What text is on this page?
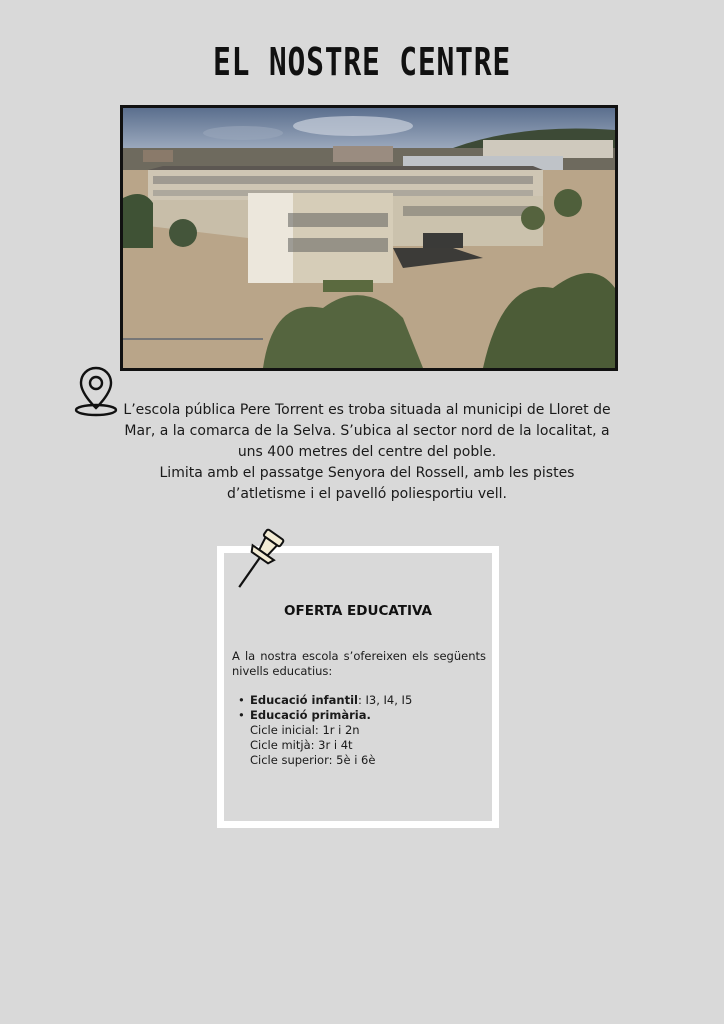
EL NOSTRE CENTRE

L’escola pública Pere Torrent es troba situada al municipi de Lloret de Mar, a la comarca de la Selva. S’ubica al sector nord de la localitat, a uns 400 metres del centre del poble.

Limita amb el passatge Senyora del Rossell, amb les pistes d’atletisme i el pavelló poliesportiu vell.

OFERTA EDUCATIVA
A la nostra escola s’ofereixen els següents nivells educatius:
• Educació infantil: I3, I4, I5
• Educació primària.
Cicle inicial: 1r i 2n
Cicle mitjà: 3r i 4t
Cicle superior: 5è i 6è
